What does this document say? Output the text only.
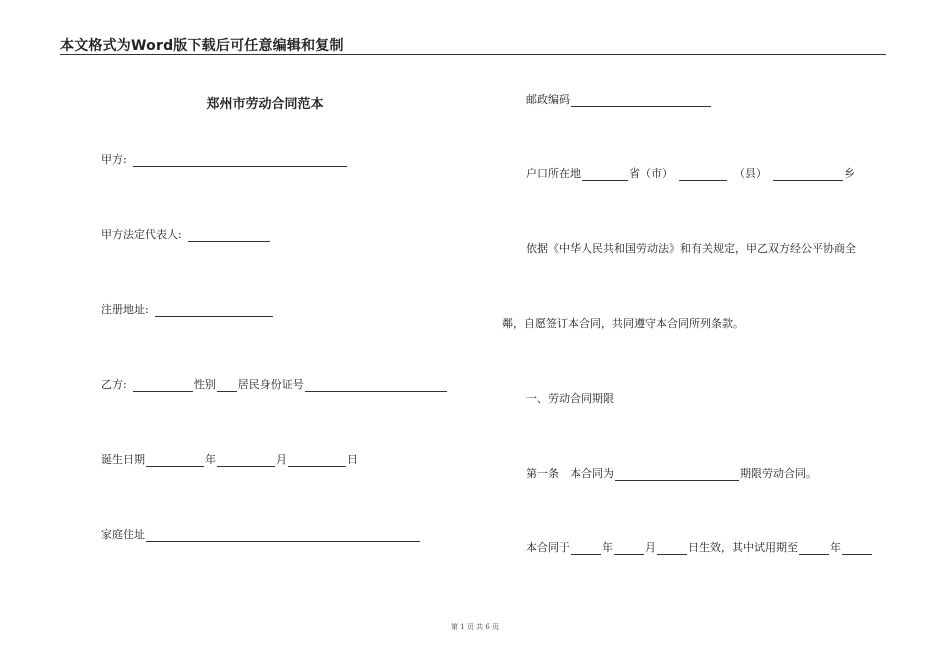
本文格式为Word版下载后可任意编辑和复制
郑州市劳动合同范本
甲方:
甲方法定代表人:
注册地址:
乙方:	性别 居民身份证号
诞生日期	年	月	日
家庭住址
邮政编码
户口所在地	省（市）	（县）	乡
依据《中华人民共和国劳动法》和有关规定，甲乙双方经公平协商全
鄰，自愿签订本合同，共同遵守本合同所列条款。
一、劳动合同期限
第一条　本合同为	期限劳动合同。
本合同于	年	月	日生效，其中试用期至	年
第 1 页 共 6 页
